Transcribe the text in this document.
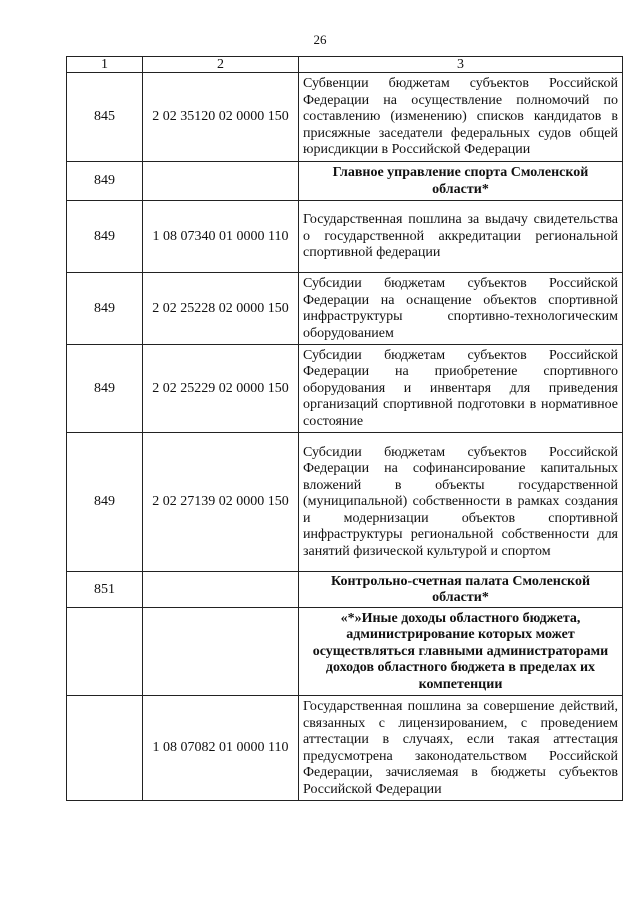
26
1	2	3
845	2 02 35120 02 0000 150	Субвенции бюджетам субъектов Российской Федерации на осуществление полномочий по составлению (изменению) списков кандидатов в присяжные заседатели федеральных судов общей юрисдикции в Российской Федерации
849		Главное управление спорта Смоленской области*
849	1 08 07340 01 0000 110	Государственная пошлина за выдачу свидетельства о государственной аккредитации региональной спортивной федерации
849	2 02 25228 02 0000 150	Субсидии бюджетам субъектов Российской Федерации на оснащение объектов спортивной инфраструктуры спортивно-технологическим оборудованием
849	2 02 25229 02 0000 150	Субсидии бюджетам субъектов Российской Федерации на приобретение спортивного оборудования и инвентаря для приведения организаций спортивной подготовки в нормативное состояние
849	2 02 27139 02 0000 150	Субсидии бюджетам субъектов Российской Федерации на софинансирование капитальных вложений в объекты государственной (муниципальной) собственности в рамках создания и модернизации объектов спортивной инфраструктуры региональной собственности для занятий физической культурой и спортом
851		Контрольно-счетная палата Смоленской области*
		«*»Иные доходы областного бюджета, администрирование которых может осуществляться главными администраторами доходов областного бюджета в пределах их компетенции
	1 08 07082 01 0000 110	Государственная пошлина за совершение действий, связанных с лицензированием, с проведением аттестации в случаях, если такая аттестация предусмотрена законодательством Российской Федерации, зачисляемая в бюджеты субъектов Российской Федерации
